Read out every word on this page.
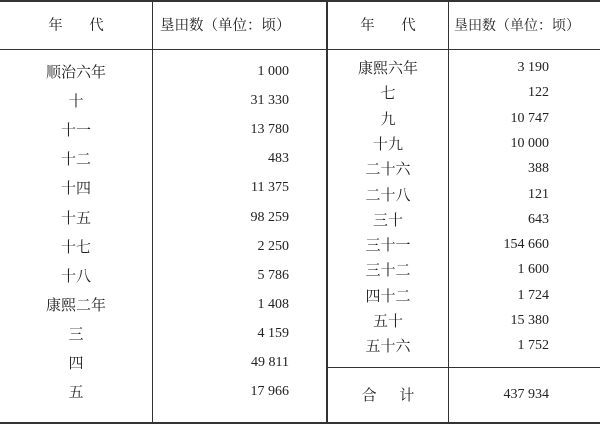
年 代	垦田数（单位：顷）	年 代	垦田数（单位：顷）
顺治六年	1 000
十	31 330
十一	13 780
十二	483
十四	11 375
十五	98 259
十七	2 250
十八	5 786
康熙二年	1 408
三	4 159
四	49 811
五	17 966
康熙六年	3 190
七	122
九	10 747
十九	10 000
二十六	388
二十八	121
三十	643
三十一	154 660
三十二	1 600
四十二	1 724
五十	15 380
五十六	1 752
合 计	437 934
